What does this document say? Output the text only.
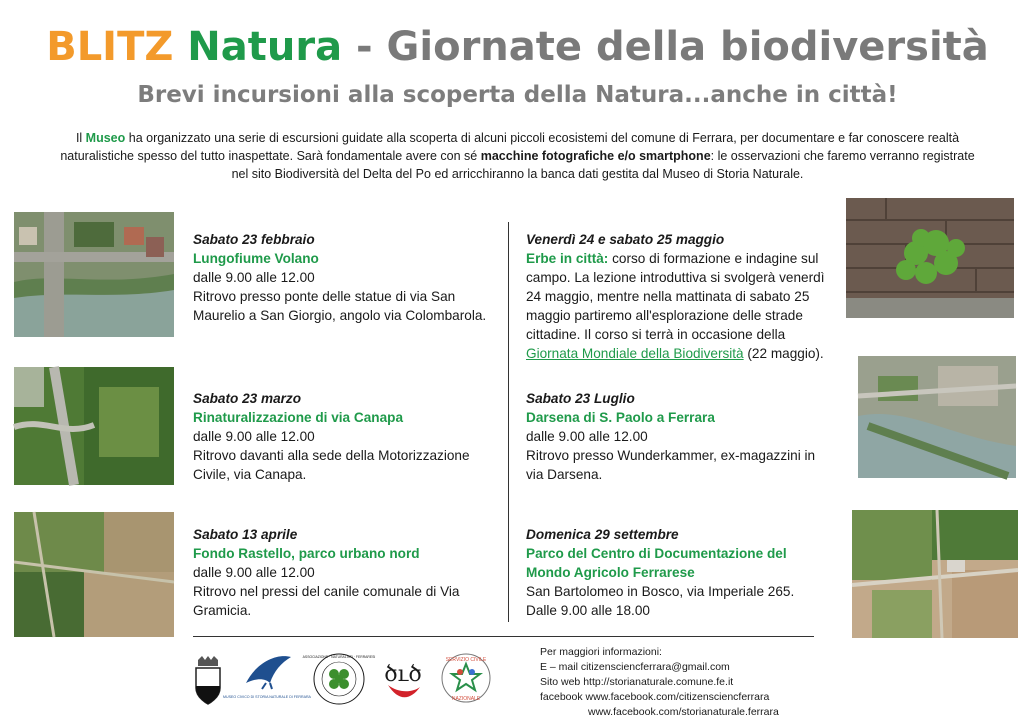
BLITZ Natura - Giornate della biodiversità
Brevi incursioni alla scoperta della Natura...anche in città!
Il Museo ha organizzato una serie di escursioni guidate alla scoperta di alcuni piccoli ecosistemi del comune di Ferrara, per documentare e far conoscere realtà naturalistiche spesso del tutto inaspettate. Sarà fondamentale avere con sé macchine fotografiche e/o smartphone: le osservazioni che faremo verranno registrate nel sito Biodiversità del Delta del Po ed arricchiranno la banca dati gestita dal Museo di Storia Naturale.
Sabato 23 febbraio
Lungofiume Volano
dalle 9.00 alle 12.00
Ritrovo presso ponte delle statue di via San Maurelio a San Giorgio, angolo via Colombarola.
Sabato 23 marzo
Rinaturalizzazione di via Canapa
dalle 9.00 alle 12.00
Ritrovo davanti alla sede della Motorizzazione Civile, via Canapa.
Sabato 13 aprile
Fondo Rastello, parco urbano nord
dalle 9.00 alle 12.00
Ritrovo nel pressi del canile comunale di Via Gramicia.
Venerdì 24 e sabato 25 maggio
Erbe in città: corso di formazione e indagine sul campo. La lezione introduttiva si svolgerà venerdì 24 maggio, mentre nella mattinata di sabato 25 maggio partiremo all'esplorazione delle strade cittadine. Il corso si terrà in occasione della Giornata Mondiale della Biodiversità (22 maggio).
Sabato 23 Luglio
Darsena di S. Paolo a Ferrara
dalle 9.00 alle 12.00
Ritrovo presso Wunderkammer, ex-magazzini in via Darsena.
Domenica 29 settembre
Parco del Centro di Documentazione del Mondo Agricolo Ferrarese
San Bartolomeo in Bosco, via Imperiale 265.
Dalle 9.00 alle 18.00
MUSEO CIVICO DI STORIA NATURALE DI FERRARA
ASSOCIAZIONE · NATURALISTI · FERRARESI
ծւծ
SERVIZIO CIVILE
NAZIONALE
Per maggiori informazioni:
E – mail citizensciencferrara@gmail.com
Sito web http://storianaturale.comune.fe.it
facebook www.facebook.com/citizensciencferrara
www.facebook.com/storianaturale.ferrara
